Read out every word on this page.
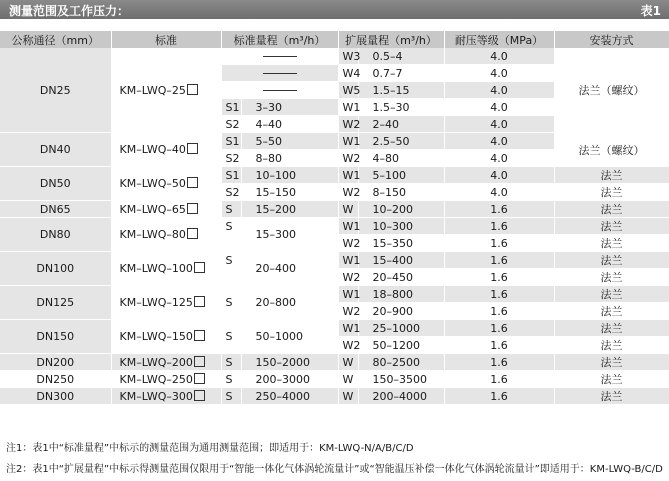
测量范围及工作压力：	表1
公称通径（mm）	标准	标准量程（m³/h）		扩展量程（m³/h）		耐压等级（MPa）	安装方式
DN25	KM–LWQ–25			W3	0.5–4	4.0	法兰（螺纹）
				W4	0.7–7	4.0	
				W5	1.5–15	4.0	
		S1	3–30	W1	1.5–30	4.0	
		S2	4–40	W2	2–40	4.0	
DN40	KM–LWQ–40	S1	5–50	W1	2.5–50	4.0	法兰（螺纹）
		S2	8–80	W2	4–80	4.0	
DN50	KM–LWQ–50	S1	10–100	W1	5–100	4.0	法兰
		S2	15–150	W2	8–150	4.0	法兰
DN65	KM–LWQ–65	S	15–200	W	10–200	1.6	法兰
DN80	KM–LWQ–80	S	15–300	W1	10–300	1.6	法兰
				W2	15–350	1.6	法兰
DN100	KM–LWQ–100	S	20–400	W1	15–400	1.6	法兰
				W2	20–450	1.6	法兰
DN125	KM–LWQ–125	S	20–800	W1	18–800	1.6	法兰
				W2	20–900	1.6	法兰
DN150	KM–LWQ–150	S	50–1000	W1	25–1000	1.6	法兰
				W2	50–1200	1.6	法兰
DN200	KM–LWQ–200	S	150–2000	W	80–2500	1.6	法兰
DN250	KM–LWQ–250	S	200–3000	W	150–3500	1.6	法兰
DN300	KM–LWQ–300	S	250–4000	W	200–4000	1.6	法兰
注1：表1中“标准量程”中标示的测量范围为通用测量范围；即适用于：KM-LWQ-N/A/B/C/D
注2：表1中“扩展量程”中标示得测量范围仅限用于“智能一体化气体涡轮流量计”或“智能温压补偿一体化气体涡轮流量计”即适用于：KM-LWQ-B/C/D
